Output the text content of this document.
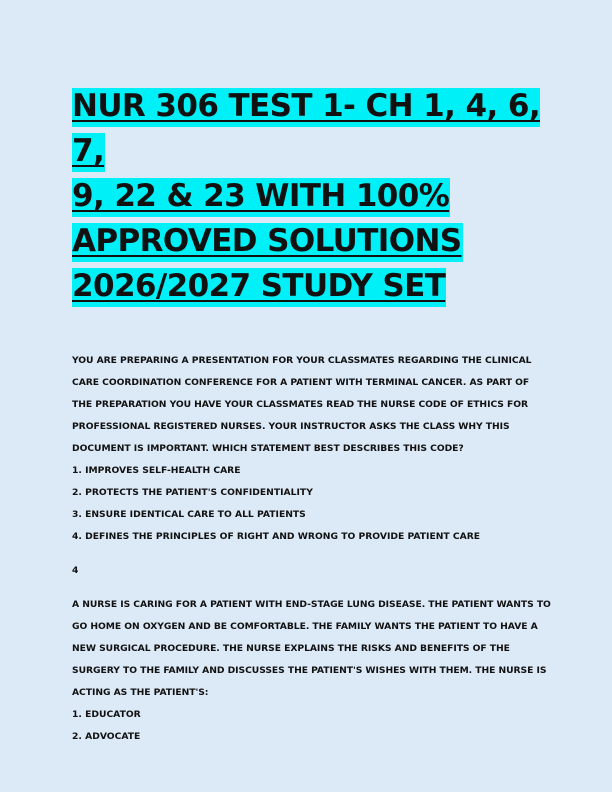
NUR 306 TEST 1- CH 1, 4, 6, 7,
9, 22 & 23 WITH 100%
APPROVED SOLUTIONS
2026/2027 STUDY SET

YOU ARE PREPARING A PRESENTATION FOR YOUR CLASSMATES REGARDING THE CLINICAL CARE COORDINATION CONFERENCE FOR A PATIENT WITH TERMINAL CANCER. AS PART OF THE PREPARATION YOU HAVE YOUR CLASSMATES READ THE NURSE CODE OF ETHICS FOR PROFESSIONAL REGISTERED NURSES. YOUR INSTRUCTOR ASKS THE CLASS WHY THIS DOCUMENT IS IMPORTANT. WHICH STATEMENT BEST DESCRIBES THIS CODE?

1. IMPROVES SELF-HEALTH CARE
2. PROTECTS THE PATIENT'S CONFIDENTIALITY
3. ENSURE IDENTICAL CARE TO ALL PATIENTS
4. DEFINES THE PRINCIPLES OF RIGHT AND WRONG TO PROVIDE PATIENT CARE

4

A NURSE IS CARING FOR A PATIENT WITH END-STAGE LUNG DISEASE. THE PATIENT WANTS TO GO HOME ON OXYGEN AND BE COMFORTABLE. THE FAMILY WANTS THE PATIENT TO HAVE A NEW SURGICAL PROCEDURE. THE NURSE EXPLAINS THE RISKS AND BENEFITS OF THE SURGERY TO THE FAMILY AND DISCUSSES THE PATIENT'S WISHES WITH THEM. THE NURSE IS ACTING AS THE PATIENT'S:

1. EDUCATOR
2. ADVOCATE
